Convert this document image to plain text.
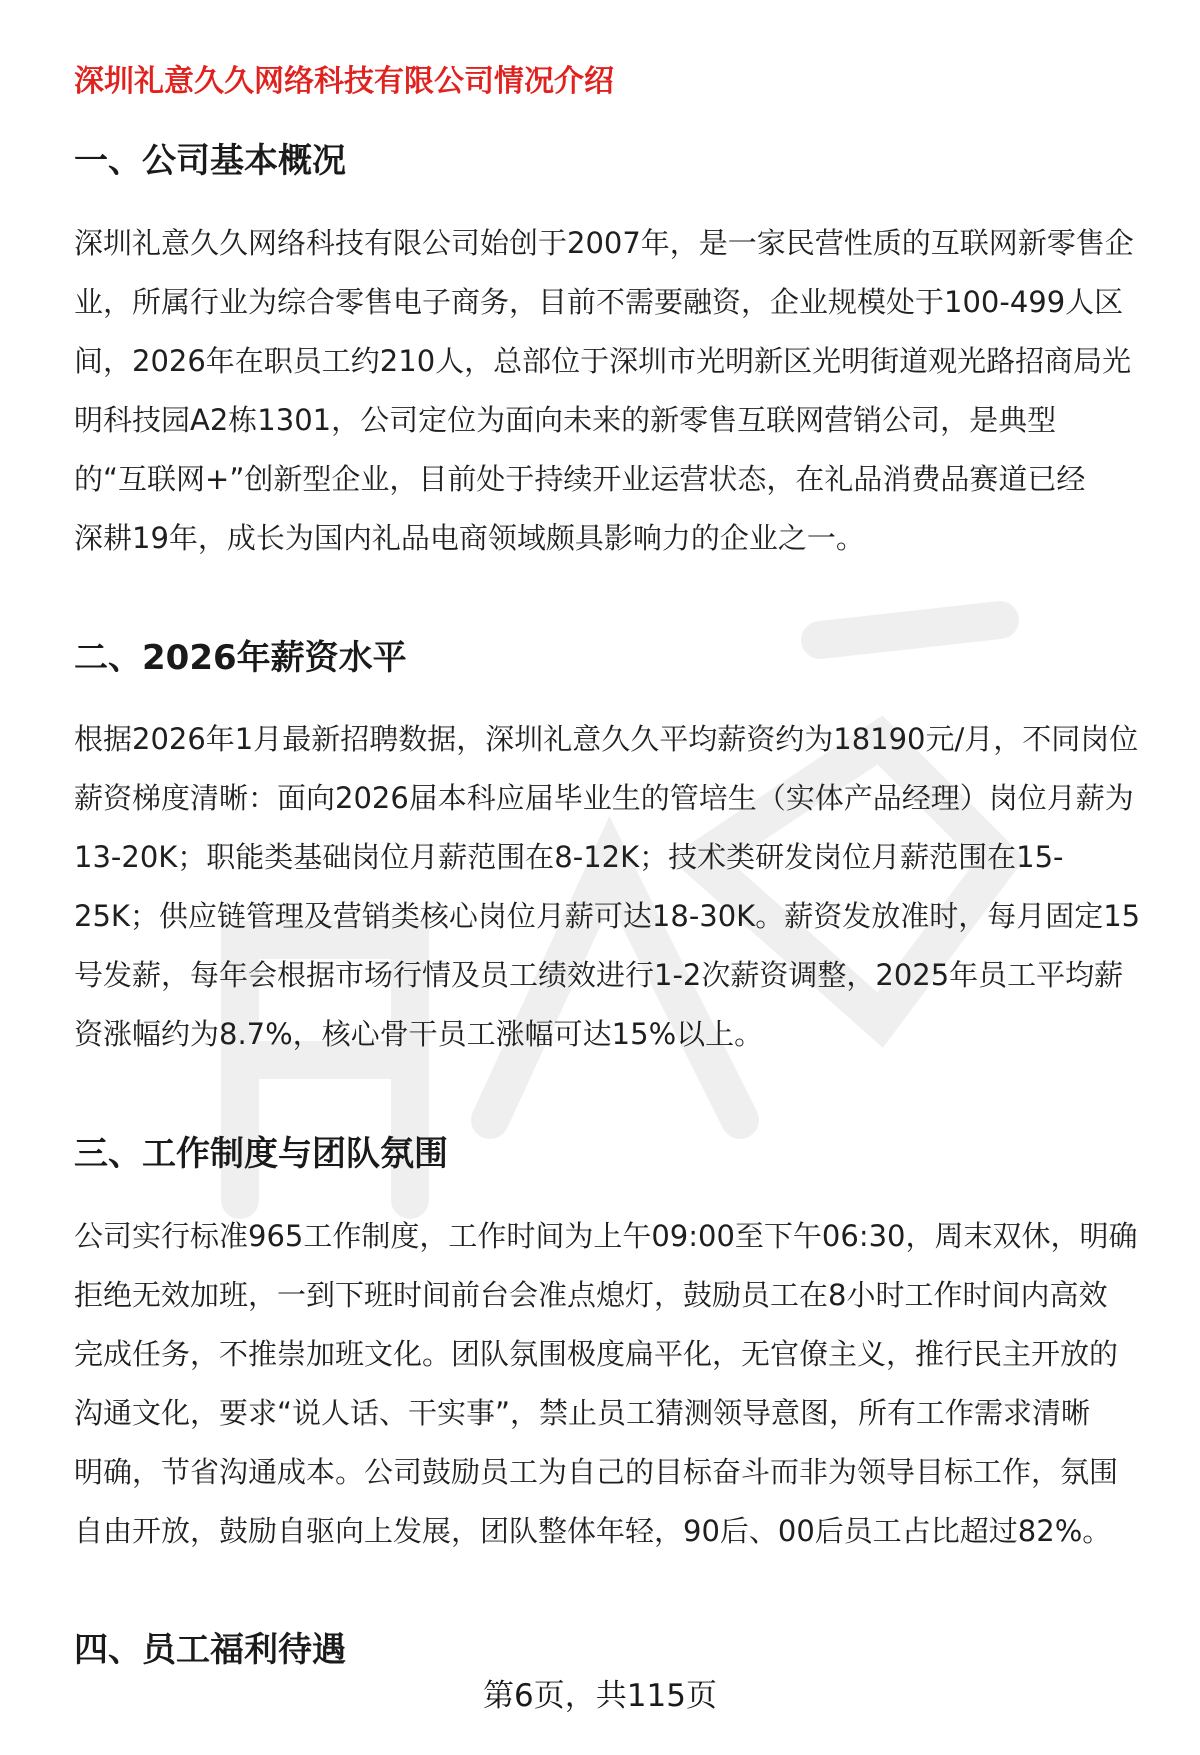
深圳礼意久久网络科技有限公司情况介绍
一、公司基本概况
深圳礼意久久网络科技有限公司始创于2007年，是一家民营性质的互联网新零售企
业，所属行业为综合零售电子商务，目前不需要融资，企业规模处于100-499人区
间，2026年在职员工约210人，总部位于深圳市光明新区光明街道观光路招商局光
明科技园A2栋1301，公司定位为面向未来的新零售互联网营销公司，是典型
的“互联网+”创新型企业，目前处于持续开业运营状态，在礼品消费品赛道已经
深耕19年，成长为国内礼品电商领域颇具影响力的企业之一。
二、2026年薪资水平
根据2026年1月最新招聘数据，深圳礼意久久平均薪资约为18190元/月，不同岗位
薪资梯度清晰：面向2026届本科应届毕业生的管培生（实体产品经理）岗位月薪为
13-20K；职能类基础岗位月薪范围在8-12K；技术类研发岗位月薪范围在15-
25K；供应链管理及营销类核心岗位月薪可达18-30K。薪资发放准时，每月固定15
号发薪，每年会根据市场行情及员工绩效进行1-2次薪资调整，2025年员工平均薪
资涨幅约为8.7%，核心骨干员工涨幅可达15%以上。
三、工作制度与团队氛围
公司实行标准965工作制度，工作时间为上午09:00至下午06:30，周末双休，明确
拒绝无效加班，一到下班时间前台会准点熄灯，鼓励员工在8小时工作时间内高效
完成任务，不推崇加班文化。团队氛围极度扁平化，无官僚主义，推行民主开放的
沟通文化，要求“说人话、干实事”，禁止员工猜测领导意图，所有工作需求清晰
明确，节省沟通成本。公司鼓励员工为自己的目标奋斗而非为领导目标工作，氛围
自由开放，鼓励自驱向上发展，团队整体年轻，90后、00后员工占比超过82%。
四、员工福利待遇
第6页，共115页
